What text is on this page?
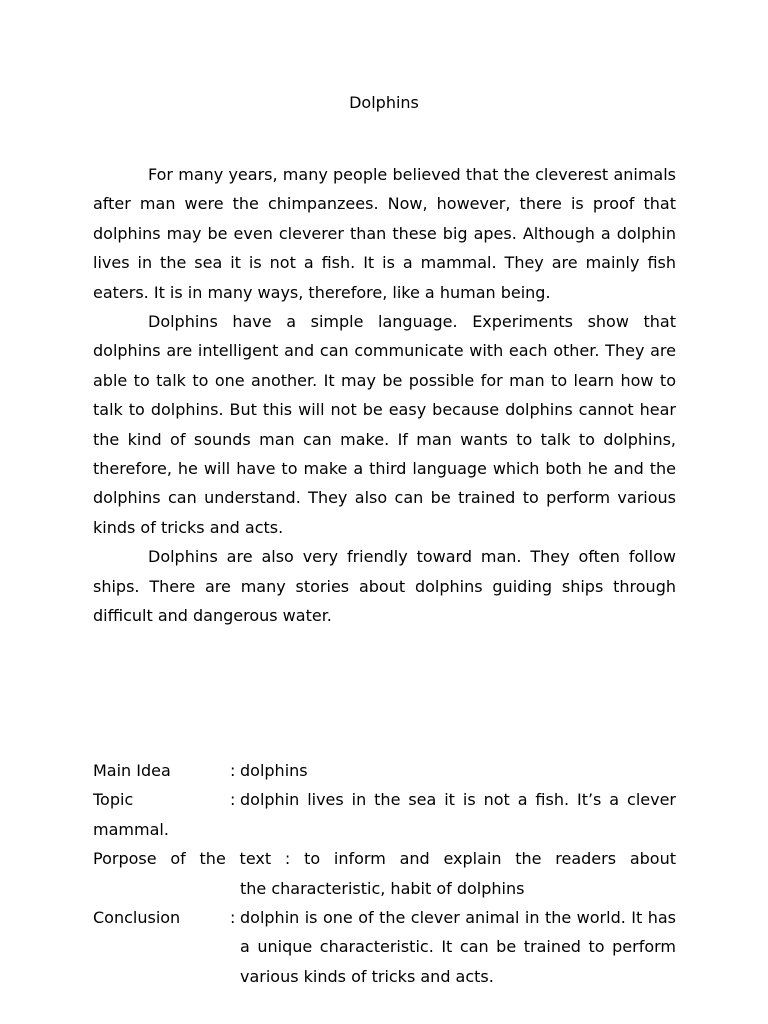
Dolphins

For many years, many people believed that the cleverest animals after man were the chimpanzees. Now, however, there is proof that dolphins may be even cleverer than these big apes. Although a dolphin lives in the sea it is not a fish. It is a mammal. They are mainly fish eaters. It is in many ways, therefore, like a human being.

Dolphins have a simple language. Experiments show that dolphins are intelligent and can communicate with each other. They are able to talk to one another. It may be possible for man to learn how to talk to dolphins. But this will not be easy because dolphins cannot hear the kind of sounds man can make. If man wants to talk to dolphins, therefore, he will have to make a third language which both he and the dolphins can understand. They also can be trained to perform various kinds of tricks and acts.

Dolphins are also very friendly toward man. They often follow ships. There are many stories about dolphins guiding ships through difficult and dangerous water.

Main Idea	: dolphins
Topic	: dolphin lives in the sea it is not a fish. It’s a clever mammal.
Porpose of the text : to inform and explain the readers about
the characteristic, habit of dolphins
Conclusion	: dolphin is one of the clever animal in the world. It has a unique characteristic. It can be trained to perform various kinds of tricks and acts.
